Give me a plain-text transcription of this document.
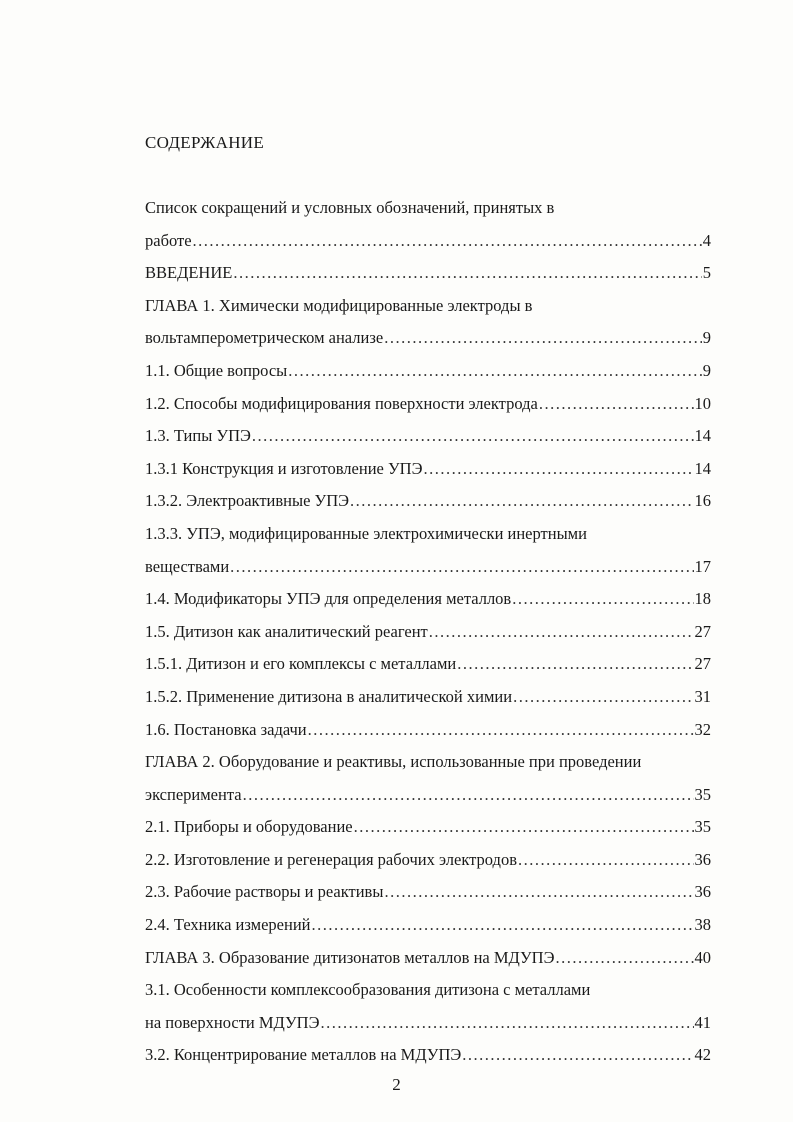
СОДЕРЖАНИЕ
Список сокращений и условных обозначений, принятых в
работе .....	4
ВВЕДЕНИЕ .....	5
ГЛАВА 1. Химически модифицированные электроды в
вольтамперометрическом анализе .....	9
1.1. Общие вопросы .....	9
1.2. Способы модифицирования поверхности электрода .....	10
1.3. Типы УПЭ .....	14
1.3.1 Конструкция и изготовление УПЭ .....	14
1.3.2. Электроактивные УПЭ .....	16
1.3.3. УПЭ, модифицированные электрохимически инертными
веществами .....	17
1.4. Модификаторы УПЭ для определения металлов .....	18
1.5. Дитизон как аналитический реагент .....	27
1.5.1. Дитизон и его комплексы с металлами .....	27
1.5.2. Применение дитизона в аналитической химии .....	31
1.6. Постановка задачи .....	32
ГЛАВА 2. Оборудование и реактивы, использованные при проведении
эксперимента .....	35
2.1. Приборы и оборудование .....	35
2.2. Изготовление и регенерация рабочих электродов .....	36
2.3. Рабочие растворы и реактивы .....	36
2.4. Техника измерений .....	38
ГЛАВА 3. Образование дитизонатов металлов на МДУПЭ .....	40
3.1. Особенности комплексообразования дитизона с металлами
на поверхности МДУПЭ .....	41
3.2. Концентрирование металлов на МДУПЭ .....	42
2
